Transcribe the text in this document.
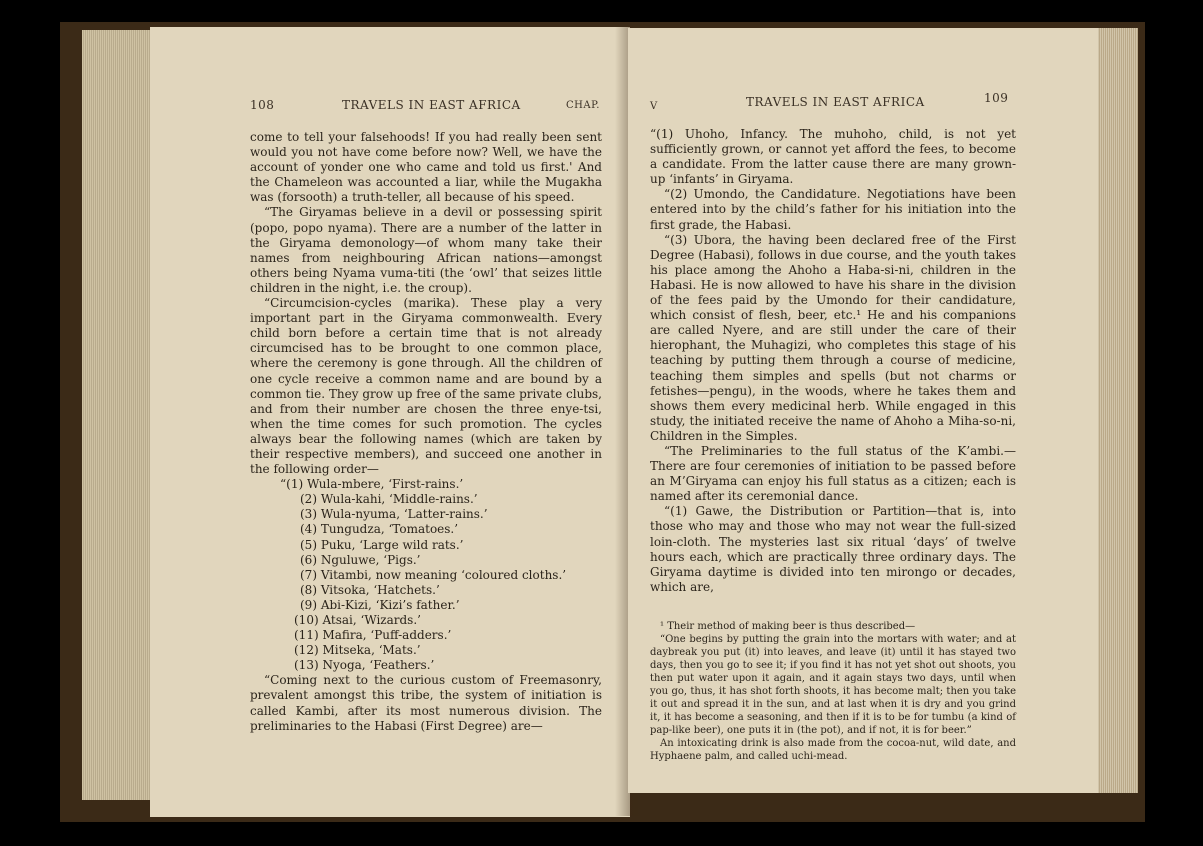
108	TRAVELS IN EAST AFRICA	CHAP.

come to tell your falsehoods! If you had really been sent would you not have come before now? Well, we have the account of yonder one who came and told us first.' And the Chameleon was accounted a liar, while the Mugakha was (forsooth) a truth-teller, all because of his speed.

“The Giryamas believe in a devil or possessing spirit (popo, popo nyama). There are a number of the latter in the Giryama demonology—of whom many take their names from neighbouring African nations—amongst others being Nyama vuma-titi (the ‘owl’ that seizes little children in the night, i.e. the croup).

“Circumcision-cycles (marika). These play a very important part in the Giryama commonwealth. Every child born before a certain time that is not already circumcised has to be brought to one common place, where the ceremony is gone through. All the children of one cycle receive a common name and are bound by a common tie. They grow up free of the same private clubs, and from their number are chosen the three enye-tsi, when the time comes for such promotion. The cycles always bear the following names (which are taken by their respective members), and succeed one another in the following order—

“(1) Wula-mbere, ‘First-rains.’
(2) Wula-kahi, ‘Middle-rains.’
(3) Wula-nyuma, ‘Latter-rains.’
(4) Tungudza, ‘Tomatoes.’
(5) Puku, ‘Large wild rats.’
(6) Nguluwe, ‘Pigs.’
(7) Vitambi, now meaning ‘coloured cloths.’
(8) Vitsoka, ‘Hatchets.’
(9) Abi-Kizi, ‘Kizi’s father.’
(10) Atsai, ‘Wizards.’
(11) Mafira, ‘Puff-adders.’
(12) Mitseka, ‘Mats.’
(13) Nyoga, ‘Feathers.’

“Coming next to the curious custom of Freemasonry, prevalent amongst this tribe, the system of initiation is called Kambi, after its most numerous division. The preliminaries to the Habasi (First Degree) are—

V	TRAVELS IN EAST AFRICA	109

“(1) Uhoho, Infancy. The muhoho, child, is not yet sufficiently grown, or cannot yet afford the fees, to become a candidate. From the latter cause there are many grown-up ‘infants’ in Giryama.

“(2) Umondo, the Candidature. Negotiations have been entered into by the child’s father for his initiation into the first grade, the Habasi.

“(3) Ubora, the having been declared free of the First Degree (Habasi), follows in due course, and the youth takes his place among the Ahoho a Haba-si-ni, children in the Habasi. He is now allowed to have his share in the division of the fees paid by the Umondo for their candidature, which consist of flesh, beer, etc.¹ He and his companions are called Nyere, and are still under the care of their hierophant, the Muhagizi, who completes this stage of his teaching by putting them through a course of medicine, teaching them simples and spells (but not charms or fetishes—pengu), in the woods, where he takes them and shows them every medicinal herb. While engaged in this study, the initiated receive the name of Ahoho a Miha-so-ni, Children in the Simples.

“The Preliminaries to the full status of the K’ambi.—There are four ceremonies of initiation to be passed before an M’Giryama can enjoy his full status as a citizen; each is named after its ceremonial dance.

“(1) Gawe, the Distribution or Partition—that is, into those who may and those who may not wear the full-sized loin-cloth. The mysteries last six ritual ‘days’ of twelve hours each, which are practically three ordinary days. The Giryama daytime is divided into ten mirongo or decades, which are,

¹ Their method of making beer is thus described—

“One begins by putting the grain into the mortars with water; and at daybreak you put (it) into leaves, and leave (it) until it has stayed two days, then you go to see it; if you find it has not yet shot out shoots, you then put water upon it again, and it again stays two days, until when you go, thus, it has shot forth shoots, it has become malt; then you take it out and spread it in the sun, and at last when it is dry and you grind it, it has become a seasoning, and then if it is to be for tumbu (a kind of pap-like beer), one puts it in (the pot), and if not, it is for beer.”

An intoxicating drink is also made from the cocoa-nut, wild date, and Hyphaene palm, and called uchi-mead.
